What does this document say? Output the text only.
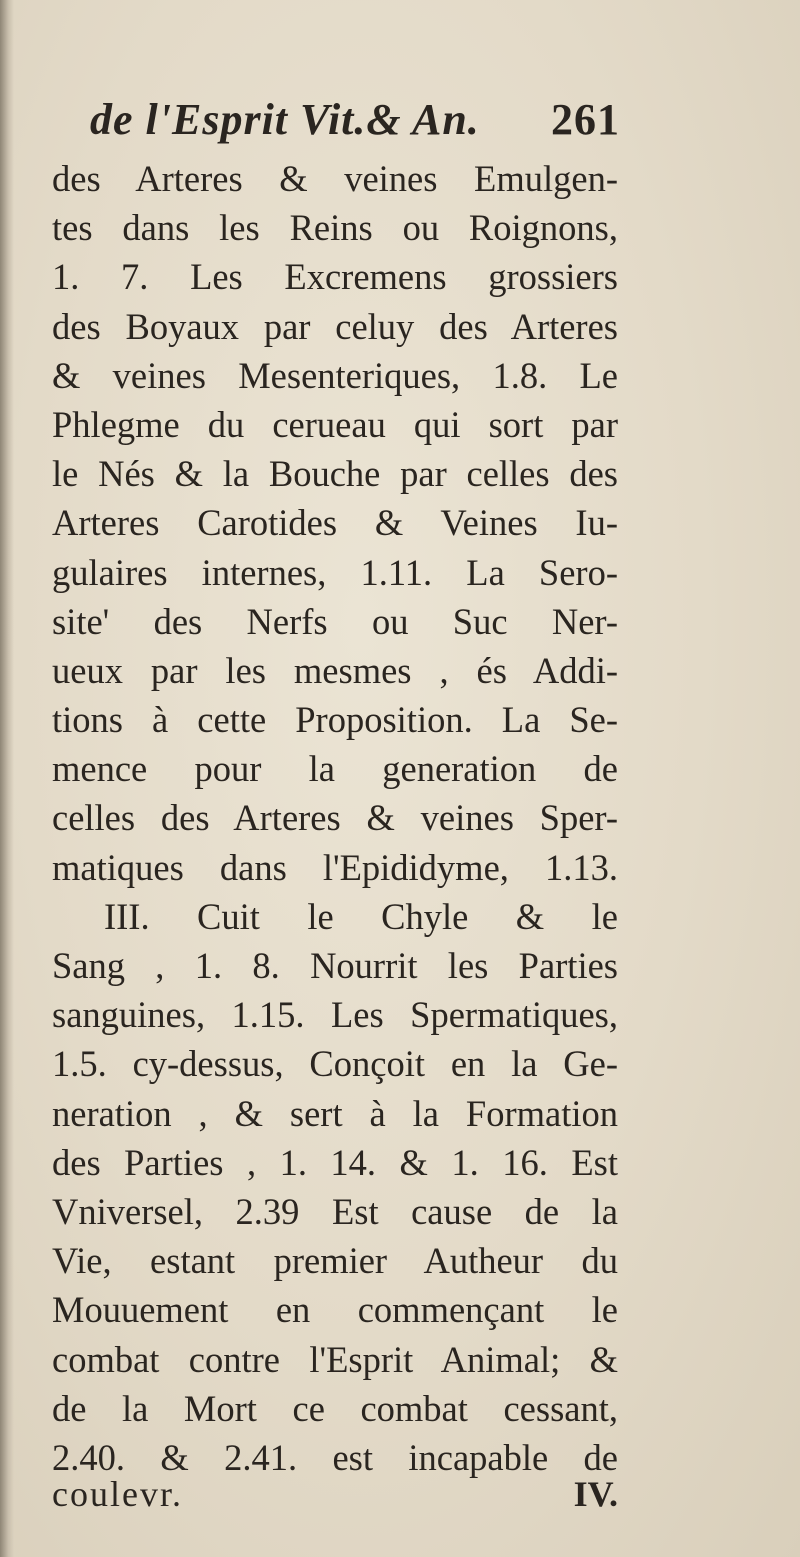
de l'Esprit Vit.& An. 261
des Arteres & veines Emulgen-
tes dans les Reins ou Roignons,
1. 7. Les Excremens grossiers
des Boyaux par celuy des Arteres
& veines Mesenteriques, 1.8. Le
Phlegme du cerueau qui sort par
le Nés & la Bouche par celles des
Arteres Carotides & Veines Iu-
gulaires internes, 1.11. La Sero-
site' des Nerfs ou Suc Ner-
ueux par les mesmes , és Addi-
tions à cette Proposition. La Se-
mence pour la generation de
celles des Arteres & veines Sper-
matiques dans l'Epididyme, 1.13.
III. Cuit le Chyle & le
Sang , 1. 8. Nourrit les Parties
sanguines, 1.15. Les Spermatiques,
1.5. cy-dessus, Conçoit en la Ge-
neration , & sert à la Formation
des Parties , 1. 14. & 1. 16. Est
Vniversel, 2.39 Est cause de la
Vie, estant premier Autheur du
Mouuement en commençant le
combat contre l'Esprit Animal; &
de la Mort ce combat cessant,
2.40. & 2.41. est incapable de
coulevr.	IV.
